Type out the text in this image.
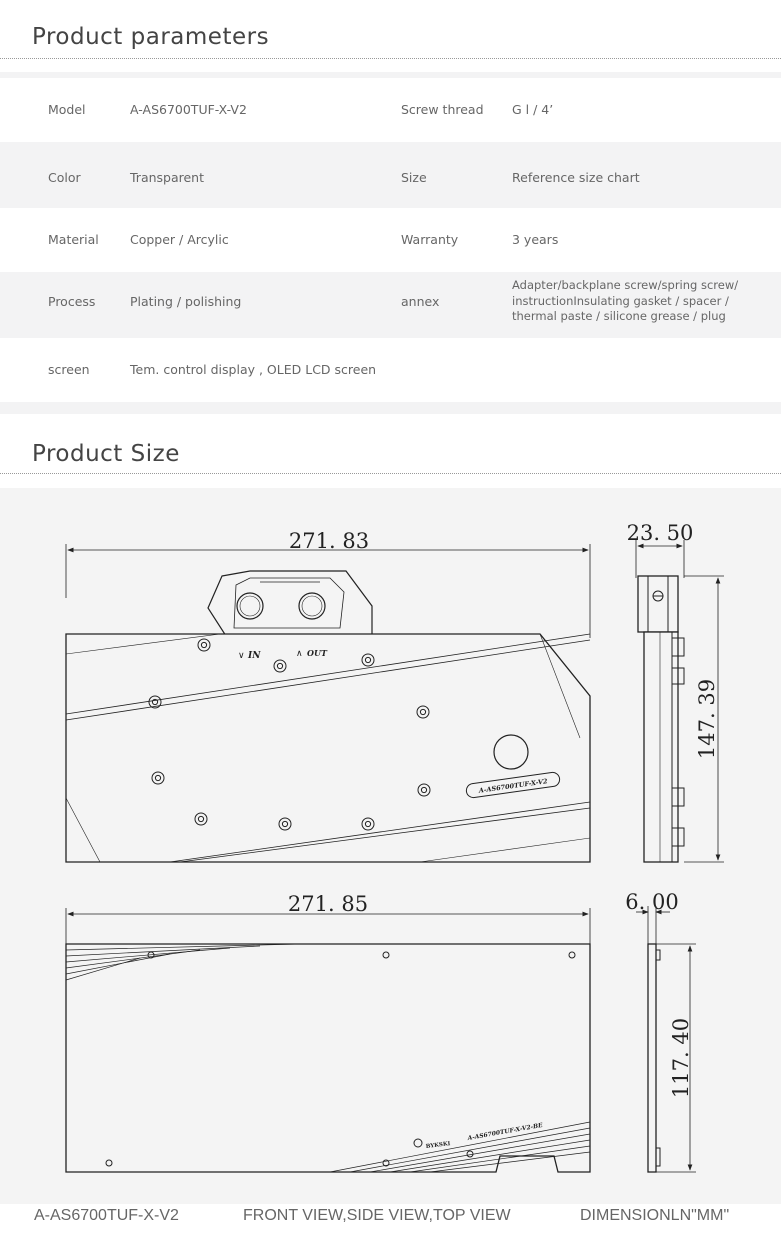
Product parameters
Model	A-AS6700TUF-X-V2	Screw thread G l / 4’
Color	Transparent	Size	Reference size chart
Material Copper / Arcylic	Warranty	3 years
Process	Plating / polishing	annex
Adapter/backplane screw/spring screw/
instructionInsulating gasket / spacer /
thermal paste / silicone grease / plug
screen	Tem. control display , OLED LCD screen
Product Size
271. 83
IN
∨	∧ OUT
A-AS6700TUF-X-V2
23. 50
147. 39
271. 85
BYKSKI
A-AS6700TUF-X-V2-BE
6. 00
117. 40
A-AS6700TUF-X-V2	FRONT VIEW,SIDE VIEW,TOP VIEW	DIMENSIONLN"MM"
